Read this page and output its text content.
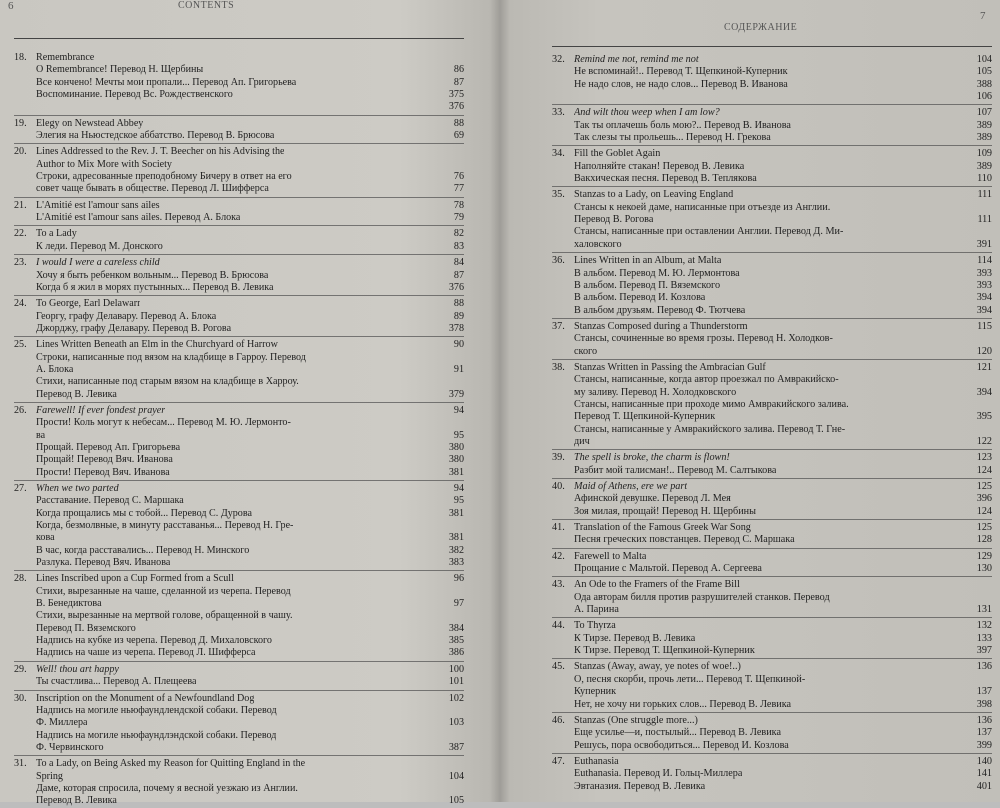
6	CONTENTS
18. Remembrance
O Remembrance! Перевод Н. Щербины	86
Все кончено! Мечты мои пропали... Перевод Ап. Григорьева	87
Воспоминание. Перевод Вс. Рождественского	375
376
19. Elegy on Newstead Abbey	88
Элегия на Ньюстедское аббатство. Перевод В. Брюсова	69
20. Lines Addressed to the Rev. J. T. Beecher on his Advising the
Author to Mix More with Society
Строки, адресованные преподобному Бичеру в ответ на его	76
совет чаще бывать в обществе. Перевод Л. Шифферса	77
21. L'Amitié est l'amour sans ailes	78
L'Amitié est l'amour sans ailes. Перевод А. Блока	79
22. To a Lady	82
К леди. Перевод М. Донского	83
23. I would I were a careless child	84
Хочу я быть ребенком вольным... Перевод В. Брюсова	87
Когда б я жил в морях пустынных... Перевод В. Левика	376
24. To George, Earl Delawarr	88
Георгу, графу Делавару. Перевод А. Блока	89
Джорджу, графу Делавару. Перевод В. Рогова	378
25. Lines Written Beneath an Elm in the Churchyard of Harrow	90
Строки, написанные под вязом на кладбище в Гарроу. Перевод
А. Блока	91
Стихи, написанные под старым вязом на кладбище в Харроу.
Перевод В. Левика	379
26. Farewell! If ever fondest prayer	94
Прости! Коль могут к небесам... Перевод М. Ю. Лермонто-
ва	95
Прощай. Перевод Ап. Григорьева	380
Прощай! Перевод Вяч. Иванова	380
Прости! Перевод Вяч. Иванова	381
27. When we two parted	94
Расставание. Перевод С. Маршака	95
Когда прощались мы с тобой... Перевод С. Дурова	381
Когда, безмолвные, в минуту расставанья... Перевод Н. Гре-
кова	381
В час, когда расставались... Перевод Н. Минского	382
Разлука. Перевод Вяч. Иванова	383
28. Lines Inscribed upon a Cup Formed from a Scull	96
Стихи, вырезанные на чаше, сделанной из черепа. Перевод
В. Бенедиктова	97
Стихи, вырезанные на мертвой голове, обращенной в чашу.
Перевод П. Вяземского	384
Надпись на кубке из черепа. Перевод Д. Михаловского	385
Надпись на чаше из черепа. Перевод Л. Шифферса	386
29. Well! thou art happy	100
Ты счастлива... Перевод А. Плещеева	101
30. Inscription on the Monument of a Newfoundland Dog	102
Надпись на могиле ньюфаундлендской собаки. Перевод
Ф. Миллера	103
Надпись на могиле ньюфаундлэндской собаки. Перевод
Ф. Червинского	387
31. To a Lady, on Being Asked my Reason for Quitting England in the
Spring	104
Даме, которая спросила, почему я весной уезжаю из Англии.
Перевод В. Левика	105
СОДЕРЖАНИЕ
7
32. Remind me not, remind me not	104
Не вспоминай!.. Перевод Т. Щепкиной-Куперник	105
Не надо слов, не надо слов... Перевод В. Иванова	388
106
33. And wilt thou weep when I am low?	107
Так ты оплачешь боль мою?.. Перевод В. Иванова	389
Так слезы ты прольешь... Перевод Н. Грекова	389
34. Fill the Goblet Again	109
Наполняйте стакан! Перевод В. Левика	389
Вакхическая песня. Перевод В. Теплякова	110
35. Stanzas to a Lady, on Leaving England	111
Стансы к некоей даме, написанные при отъезде из Англии.
Перевод В. Рогова	111
Стансы, написанные при оставлении Англии. Перевод Д. Ми-
халовского	391
36. Lines Written in an Album, at Malta	114
В альбом. Перевод М. Ю. Лермонтова	393
В альбом. Перевод П. Вяземского	393
В альбом. Перевод И. Козлова	394
В альбом друзьям. Перевод Ф. Тютчева	394
37. Stanzas Composed during a Thunderstorm	115
Стансы, сочиненные во время грозы. Перевод Н. Холодков-
ского	120
38. Stanzas Written in Passing the Ambracian Gulf	121
Стансы, написанные, когда автор проезжал по Амвракийско-
му заливу. Перевод Н. Холодковского	394
Стансы, написанные при проходе мимо Амвракийского залива.
Перевод Т. Щепкиной-Куперник	395
Стансы, написанные у Амвракийского залива. Перевод Т. Гне-
дич	122
39. The spell is broke, the charm is flown!	123
Разбит мой талисман!.. Перевод М. Салтыкова	124
40. Maid of Athens, ere we part	125
Афинской девушке. Перевод Л. Мея	396
Зоя милая, прощай! Перевод Н. Щербины	124
41. Translation of the Famous Greek War Song	125
Песня греческих повстанцев. Перевод С. Маршака	128
42. Farewell to Malta	129
Прощание с Мальтой. Перевод А. Сергеева	130
43. An Ode to the Framers of the Frame Bill
Ода авторам билля против разрушителей станков. Перевод
А. Парина	131
44. To Thyrza	132
К Тирзе. Перевод В. Левика	133
К Тирзе. Перевод Т. Щепкиной-Куперник	397
45. Stanzas (Away, away, ye notes of woe!..)	136
О, песня скорби, прочь лети... Перевод Т. Щепкиной-
Куперник	137
Нет, не хочу ни горьких слов... Перевод В. Левика	398
46. Stanzas (One struggle more...)	136
Еще усилье—и, постылый... Перевод В. Левика	137
Решусь, пора освободиться... Перевод И. Козлова	399
47. Euthanasia	140
Euthanasia. Перевод И. Гольц-Миллера	141
Эвтаназия. Перевод В. Левика	401
